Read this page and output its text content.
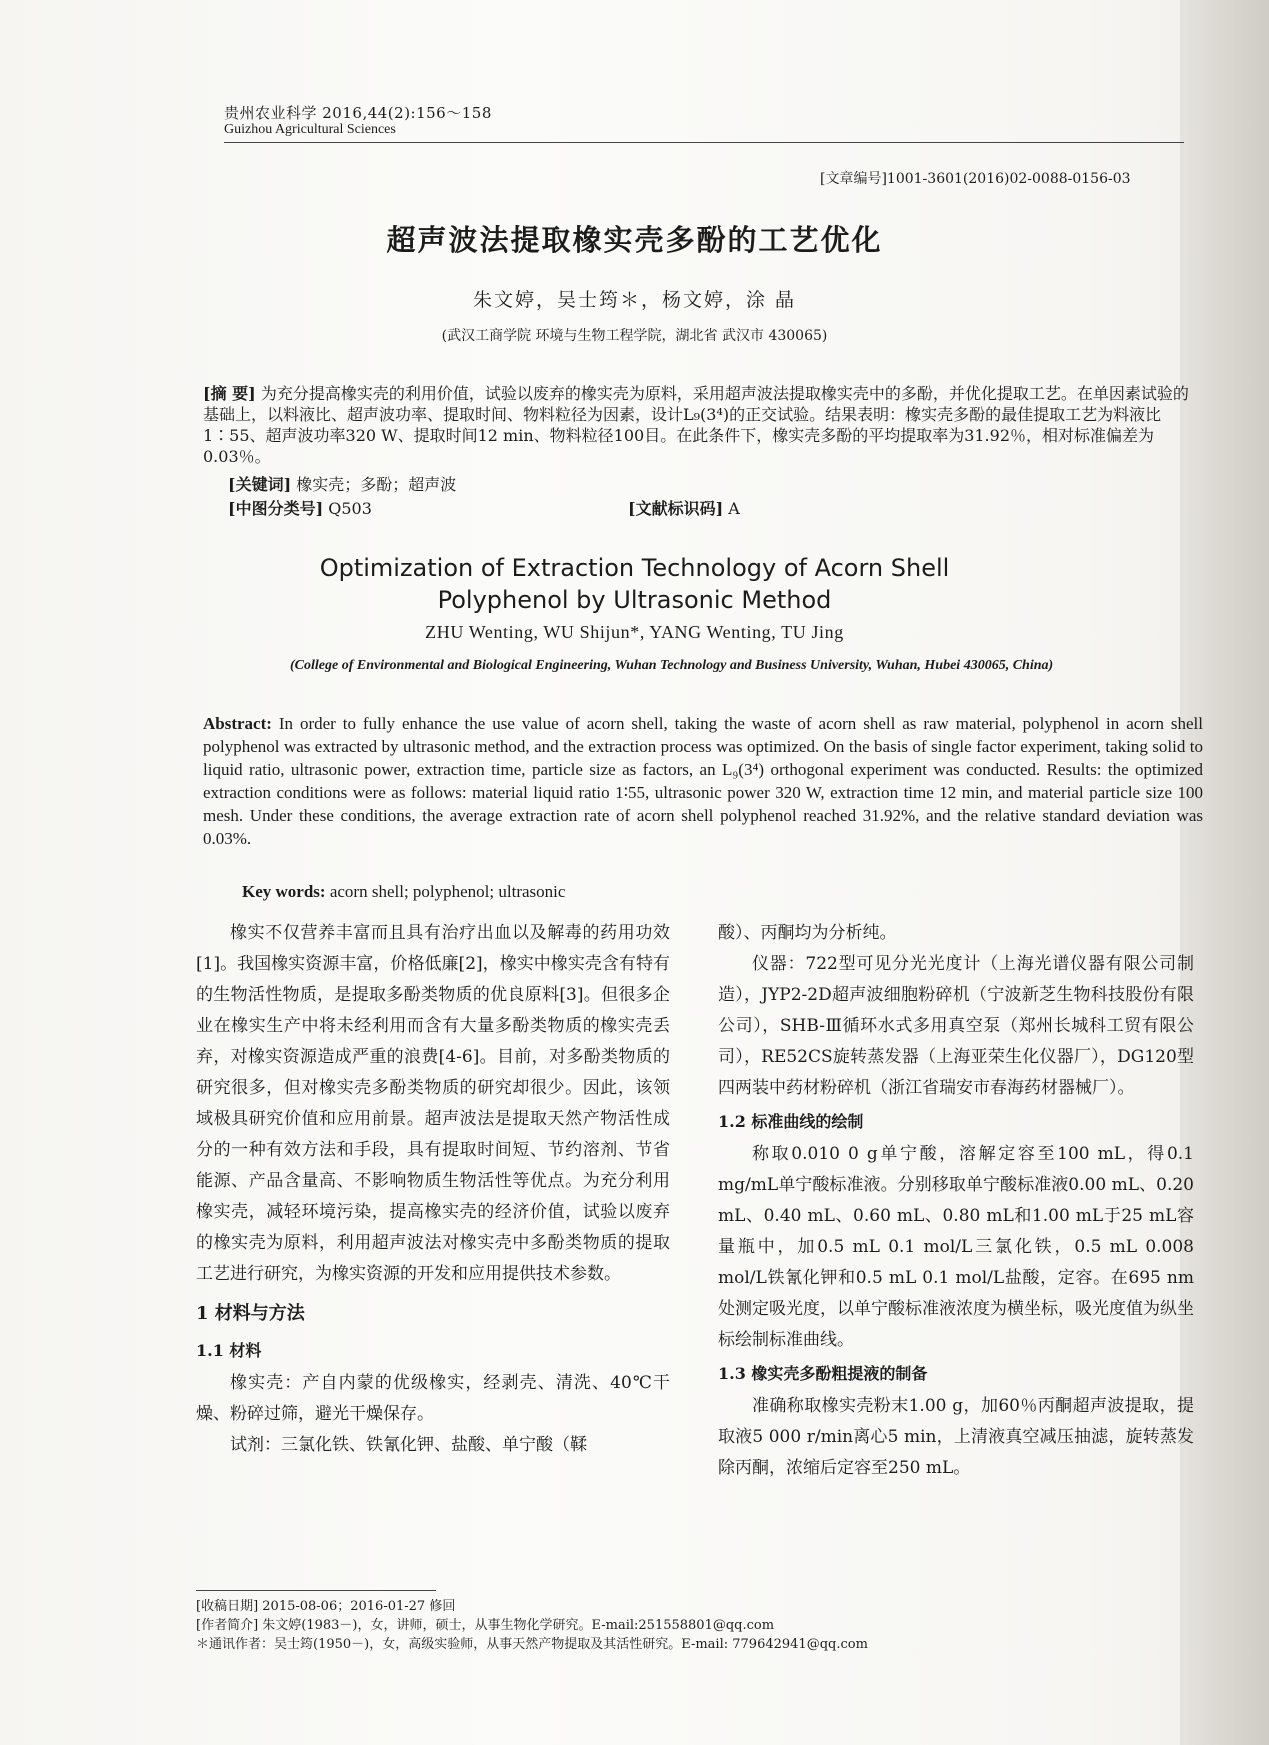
贵州农业科学 2016,44(2):156～158
Guizhou Agricultural Sciences
[文章编号]1001-3601(2016)02-0088-0156-03
超声波法提取橡实壳多酚的工艺优化
朱文婷，吴士筠＊，杨文婷，涂 晶
(武汉工商学院 环境与生物工程学院，湖北省 武汉市 430065)
[摘 要] 为充分提高橡实壳的利用价值，试验以废弃的橡实壳为原料，采用超声波法提取橡实壳中的多酚，并优化提取工艺。在单因素试验的基础上，以料液比、超声波功率、提取时间、物料粒径为因素，设计L₉(3⁴)的正交试验。结果表明：橡实壳多酚的最佳提取工艺为料液比1∶55、超声波功率320 W、提取时间12 min、物料粒径100目。在此条件下，橡实壳多酚的平均提取率为31.92％，相对标准偏差为0.03％。
[关键词] 橡实壳；多酚；超声波
[中图分类号] Q503	[文献标识码] A
Optimization of Extraction Technology of Acorn Shell
Polyphenol by Ultrasonic Method
ZHU Wenting, WU Shijun*, YANG Wenting, TU Jing
(College of Environmental and Biological Engineering, Wuhan Technology and Business University, Wuhan, Hubei 430065, China)
Abstract: In order to fully enhance the use value of acorn shell, taking the waste of acorn shell as raw material, polyphenol in acorn shell polyphenol was extracted by ultrasonic method, and the extraction process was optimized. On the basis of single factor experiment, taking solid to liquid ratio, ultrasonic power, extraction time, particle size as factors, an L₉(3⁴) orthogonal experiment was conducted. Results: the optimized extraction conditions were as follows: material liquid ratio 1∶55, ultrasonic power 320 W, extraction time 12 min, and material particle size 100 mesh. Under these conditions, the average extraction rate of acorn shell polyphenol reached 31.92%, and the relative standard deviation was 0.03%.
Key words: acorn shell; polyphenol; ultrasonic

橡实不仅营养丰富而且具有治疗出血以及解毒的药用功效[1]。我国橡实资源丰富，价格低廉[2]，橡实中橡实壳含有特有的生物活性物质，是提取多酚类物质的优良原料[3]。但很多企业在橡实生产中将未经利用而含有大量多酚类物质的橡实壳丢弃，对橡实资源造成严重的浪费[4-6]。目前，对多酚类物质的研究很多，但对橡实壳多酚类物质的研究却很少。因此，该领域极具研究价值和应用前景。超声波法是提取天然产物活性成分的一种有效方法和手段，具有提取时间短、节约溶剂、节省能源、产品含量高、不影响物质生物活性等优点。为充分利用橡实壳，减轻环境污染，提高橡实壳的经济价值，试验以废弃的橡实壳为原料，利用超声波法对橡实壳中多酚类物质的提取工艺进行研究，为橡实资源的开发和应用提供技术参数。

1 材料与方法
1.1 材料

橡实壳：产自内蒙的优级橡实，经剥壳、清洗、40℃干燥、粉碎过筛，避光干燥保存。

试剂：三氯化铁、铁氰化钾、盐酸、单宁酸（鞣

酸）、丙酮均为分析纯。

仪器：722型可见分光光度计（上海光谱仪器有限公司制造），JYP2-2D超声波细胞粉碎机（宁波新芝生物科技股份有限公司），SHB-Ⅲ循环水式多用真空泵（郑州长城科工贸有限公司），RE52CS旋转蒸发器（上海亚荣生化仪器厂），DG120型四两装中药材粉碎机（浙江省瑞安市春海药材器械厂）。

1.2 标准曲线的绘制

称取0.010 0 g单宁酸，溶解定容至100 mL，得0.1 mg/mL单宁酸标准液。分别移取单宁酸标准液0.00 mL、0.20 mL、0.40 mL、0.60 mL、0.80 mL和1.00 mL于25 mL容量瓶中，加0.5 mL 0.1 mol/L三氯化铁，0.5 mL 0.008 mol/L铁氰化钾和0.5 mL 0.1 mol/L盐酸，定容。在695 nm处测定吸光度，以单宁酸标准液浓度为横坐标，吸光度值为纵坐标绘制标准曲线。

1.3 橡实壳多酚粗提液的制备

准确称取橡实壳粉末1.00 g，加60％丙酮超声波提取，提取液5 000 r/min离心5 min，上清液真空减压抽滤，旋转蒸发除丙酮，浓缩后定容至250 mL。

[收稿日期] 2015-08-06；2016-01-27 修回
[作者简介] 朱文婷(1983－)，女，讲师，硕士，从事生物化学研究。E-mail:251558801@qq.com
＊通讯作者：吴士筠(1950－)，女，高级实验师，从事天然产物提取及其活性研究。E-mail: 779642941@qq.com
